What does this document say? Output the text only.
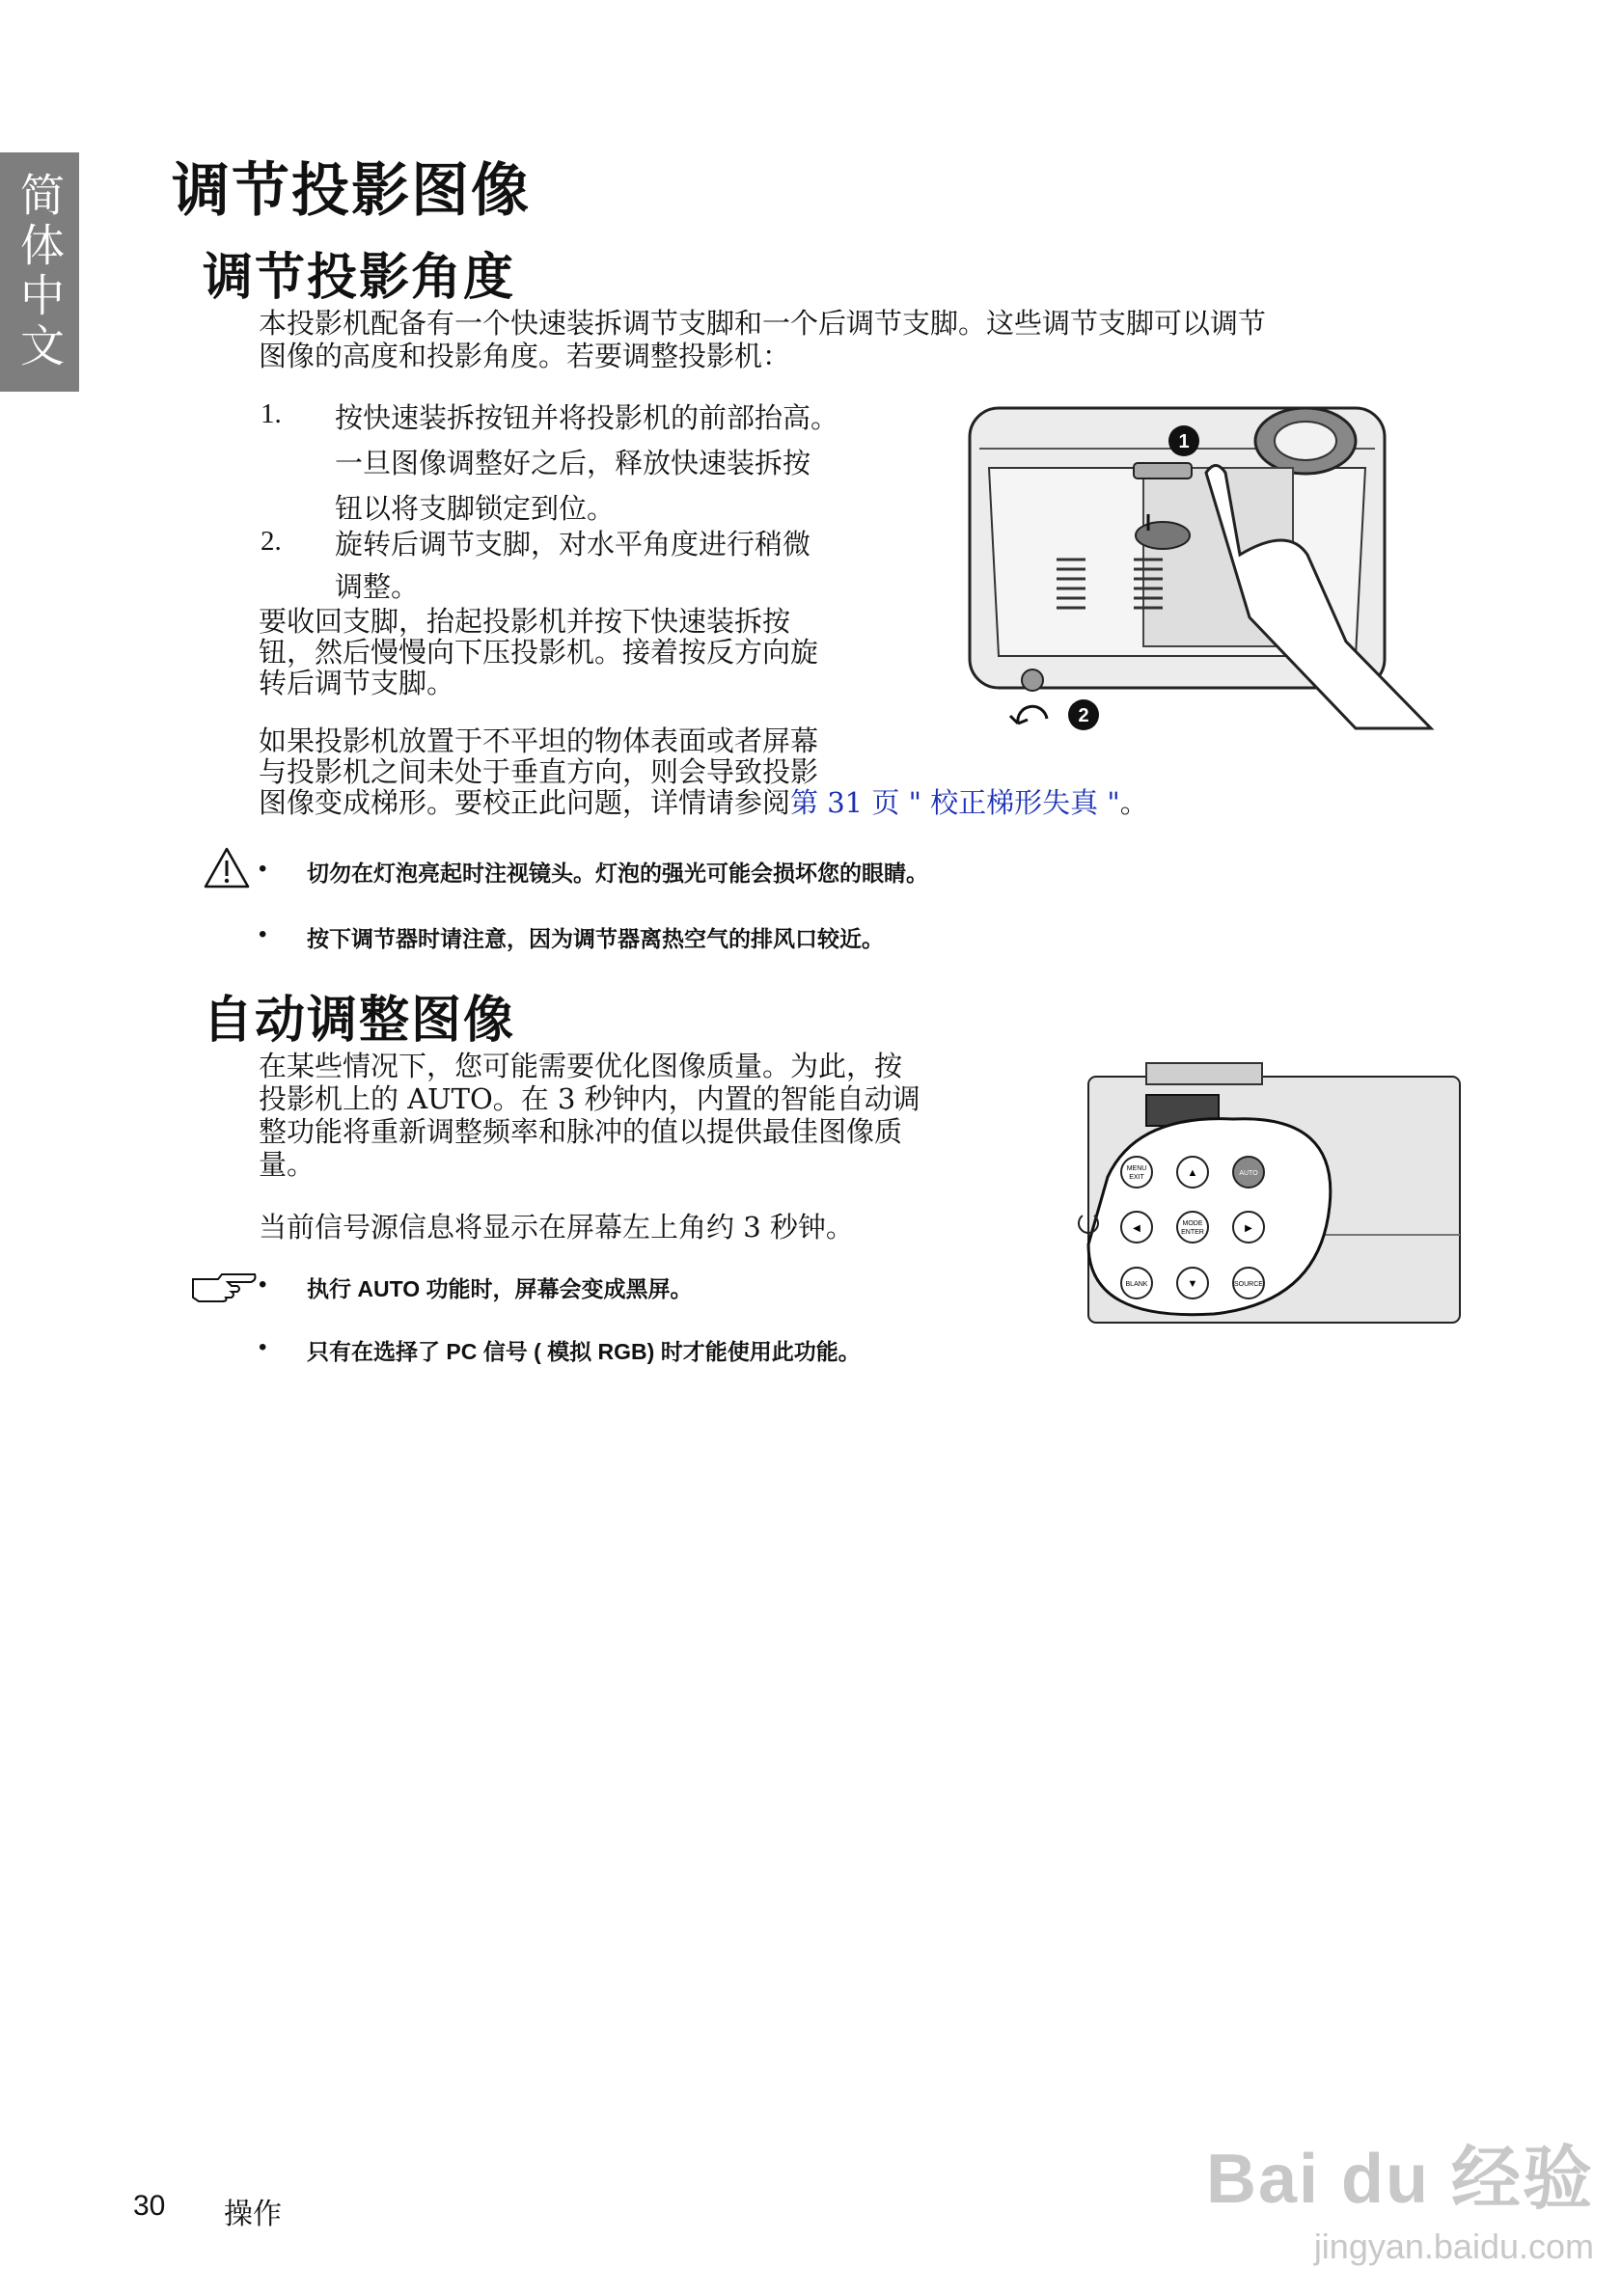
简体中文 调节投影图像
调节投影角度
本投影机配备有一个快速装拆调节支脚和一个后调节支脚。这些调节支脚可以调节
图像的高度和投影角度。若要调整投影机：
1. 按快速装拆按钮并将投影机的前部抬高。
一旦图像调整好之后，释放快速装拆按
钮以将支脚锁定到位。
2. 旋转后调节支脚，对水平角度进行稍微
调整。
要收回支脚，抬起投影机并按下快速装拆按
钮，然后慢慢向下压投影机。接着按反方向旋
转后调节支脚。
如果投影机放置于不平坦的物体表面或者屏幕
与投影机之间未处于垂直方向，则会导致投影
图像变成梯形。要校正此问题，详情请参阅第 31 页 " 校正梯形失真 "。
1
2
• 切勿在灯泡亮起时注视镜头。灯泡的强光可能会损坏您的眼睛。
• 按下调节器时请注意，因为调节器离热空气的排风口较近。
自动调整图像
在某些情况下，您可能需要优化图像质量。为此，按
投影机上的 AUTO。在 3 秒钟内，内置的智能自动调
整功能将重新调整频率和脉冲的值以提供最佳图像质
量。
当前信号源信息将显示在屏幕左上角约 3 秒钟。
MENU
EXIT	▲	AUTO
◀	MODE
ENTER	▶
BLANK	▼	SOURCE
• 执行 AUTO 功能时，屏幕会变成黑屏。
• 只有在选择了 PC 信号 ( 模拟 RGB) 时才能使用此功能。
30 操作	Bai du 经验
jingyan.baidu.com
